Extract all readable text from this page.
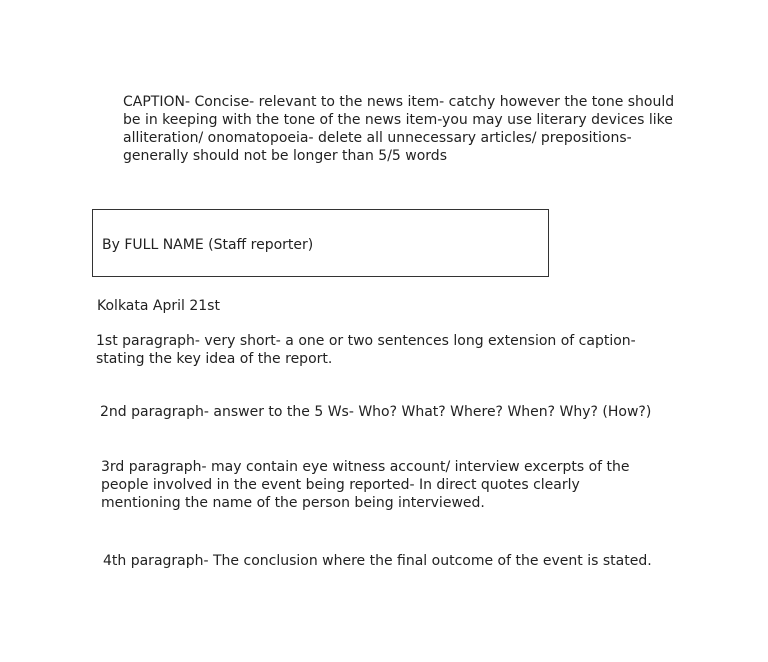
CAPTION- Concise- relevant to the news item- catchy however the tone should
be in keeping with the tone of the news item-you may use literary devices like
alliteration/ onomatopoeia- delete all unnecessary articles/ prepositions-
generally should not be longer than 5/5 words

By FULL NAME (Staff reporter)

Kolkata April 21st

1st paragraph- very short- a one or two sentences long extension of caption-
stating the key idea of the report.

2nd paragraph- answer to the 5 Ws- Who? What? Where? When? Why? (How?)

3rd paragraph- may contain eye witness account/ interview excerpts of the
people involved in the event being reported- In direct quotes clearly
mentioning the name of the person being interviewed.

4th paragraph- The conclusion where the final outcome of the event is stated.
